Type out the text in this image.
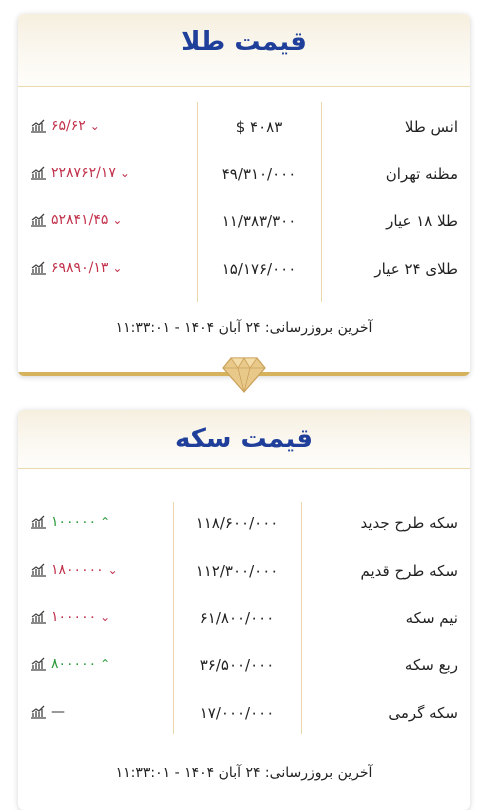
قیمت طلا
انس طلا
$ ۴۰۸۳
۶۵/۶۲ ⌄
مظنه تهران
۴۹/۳۱۰/۰۰۰
۲۲۸۷۶۲/۱۷ ⌄
طلا ۱۸ عیار
۱۱/۳۸۳/۳۰۰
۵۲۸۴۱/۴۵ ⌄
طلای ۲۴ عیار
۱۵/۱۷۶/۰۰۰
۶۹۸۹۰/۱۳ ⌄
آخرین بروزرسانی: ۲۴ آبان ۱۴۰۴ - ۱۱:۳۳:۰۱
قیمت سکه
سکه طرح جدید
۱۱۸/۶۰۰/۰۰۰
۱۰۰۰۰۰ ⌃
سکه طرح قدیم
۱۱۲/۳۰۰/۰۰۰
۱۸۰۰۰۰۰ ⌄
نیم سکه
۶۱/۸۰۰/۰۰۰
۱۰۰۰۰۰ ⌄
ربع سکه
۳۶/۵۰۰/۰۰۰
۸۰۰۰۰۰ ⌃
سکه گرمی
۱۷/۰۰۰/۰۰۰
—
آخرین بروزرسانی: ۲۴ آبان ۱۴۰۴ - ۱۱:۳۳:۰۱
